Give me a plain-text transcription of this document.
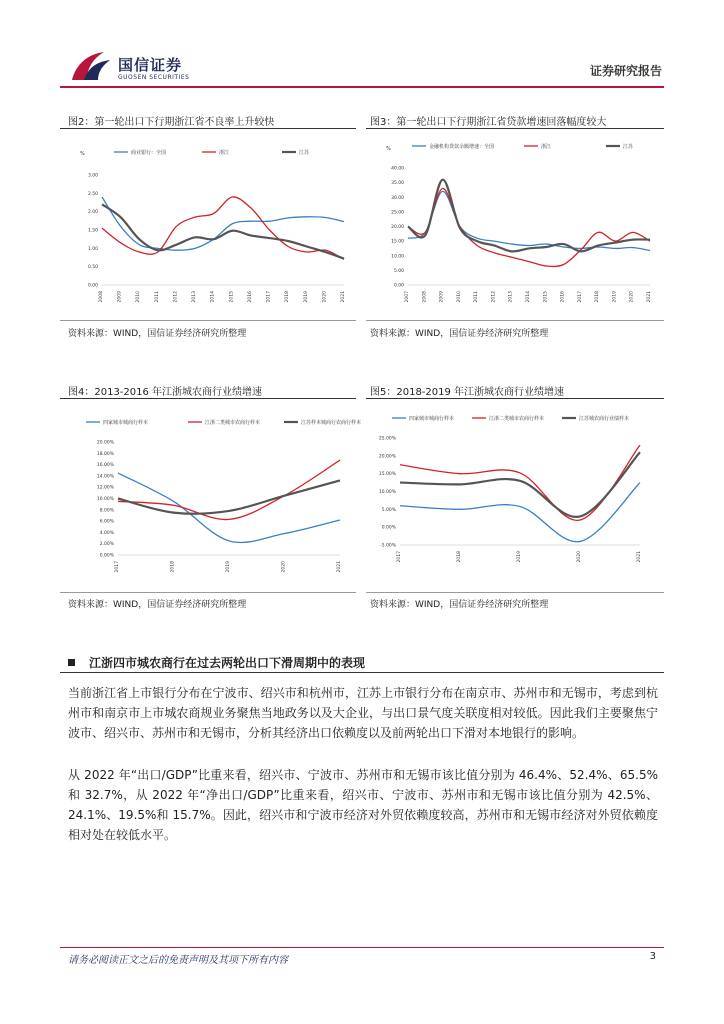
国信证券
GUOSEN SECURITIES	证券研究报告
图2：第一轮出口下行期浙江省不良率上升较快
%
0.00
0.50
1.00
1.50
2.00
2.50
3.00
2008	2009	2010	2011	2012	2013	2014	2015	2016	2017	2018	2019	2020	2021
商业银行：全国	浙江	江苏
资料来源：WIND，国信证券经济研究所整理
图3：第一轮出口下行期浙江省贷款增速回落幅度较大
%
0.00
5.00
10.00
15.00
20.00
25.00
30.00
35.00
40.00
2007	2008	2009	2010	2011	2012	2013	2014	2015	2016	2017	2018	2019	2020	2021
金融机构贷款余额增速：全国	浙江	江苏
资料来源：WIND，国信证券经济研究所整理
图4：2013-2016 年江浙城农商行业绩增速
0.00%
2.00%
4.00%
6.00%
8.00%
10.00%
12.00%
14.00%
16.00%
18.00%
20.00%
2017	2018	2019	2020	2021
四家城市城商行样本	江浙二类城市农商行样本	江苏样本城商行农商行样本
资料来源：WIND，国信证券经济研究所整理
图5：2018-2019 年江浙城农商行业绩增速
-5.00%
0.00%
5.00%
10.00%
15.00%
20.00%
25.00%
2017	2018	2019	2020	2021
四家城市城商行样本	江浙二类城市农商行样本	江苏城农商行业绩样本
资料来源：WIND，国信证券经济研究所整理
江浙四市城农商行在过去两轮出口下滑周期中的表现
当前浙江省上市银行分布在宁波市、绍兴市和杭州市，江苏上市银行分布在南京市、苏州市和无锡市，考虑到杭州市和南京市上市城农商规业务聚焦当地政务以及大企业，与出口景气度关联度相对较低。因此我们主要聚焦宁波市、绍兴市、苏州市和无锡市，分析其经济出口依赖度以及前两轮出口下滑对本地银行的影响。
从 2022 年“出口/GDP”比重来看，绍兴市、宁波市、苏州市和无锡市该比值分别为 46.4%、52.4%、65.5%和 32.7%，从 2022 年“净出口/GDP”比重来看，绍兴市、宁波市、苏州市和无锡市该比值分别为 42.5%、24.1%、19.5%和 15.7%。因此，绍兴市和宁波市经济对外贸依赖度较高，苏州市和无锡市经济对外贸依赖度相对处在较低水平。
请务必阅读正文之后的免责声明及其项下所有内容	3
